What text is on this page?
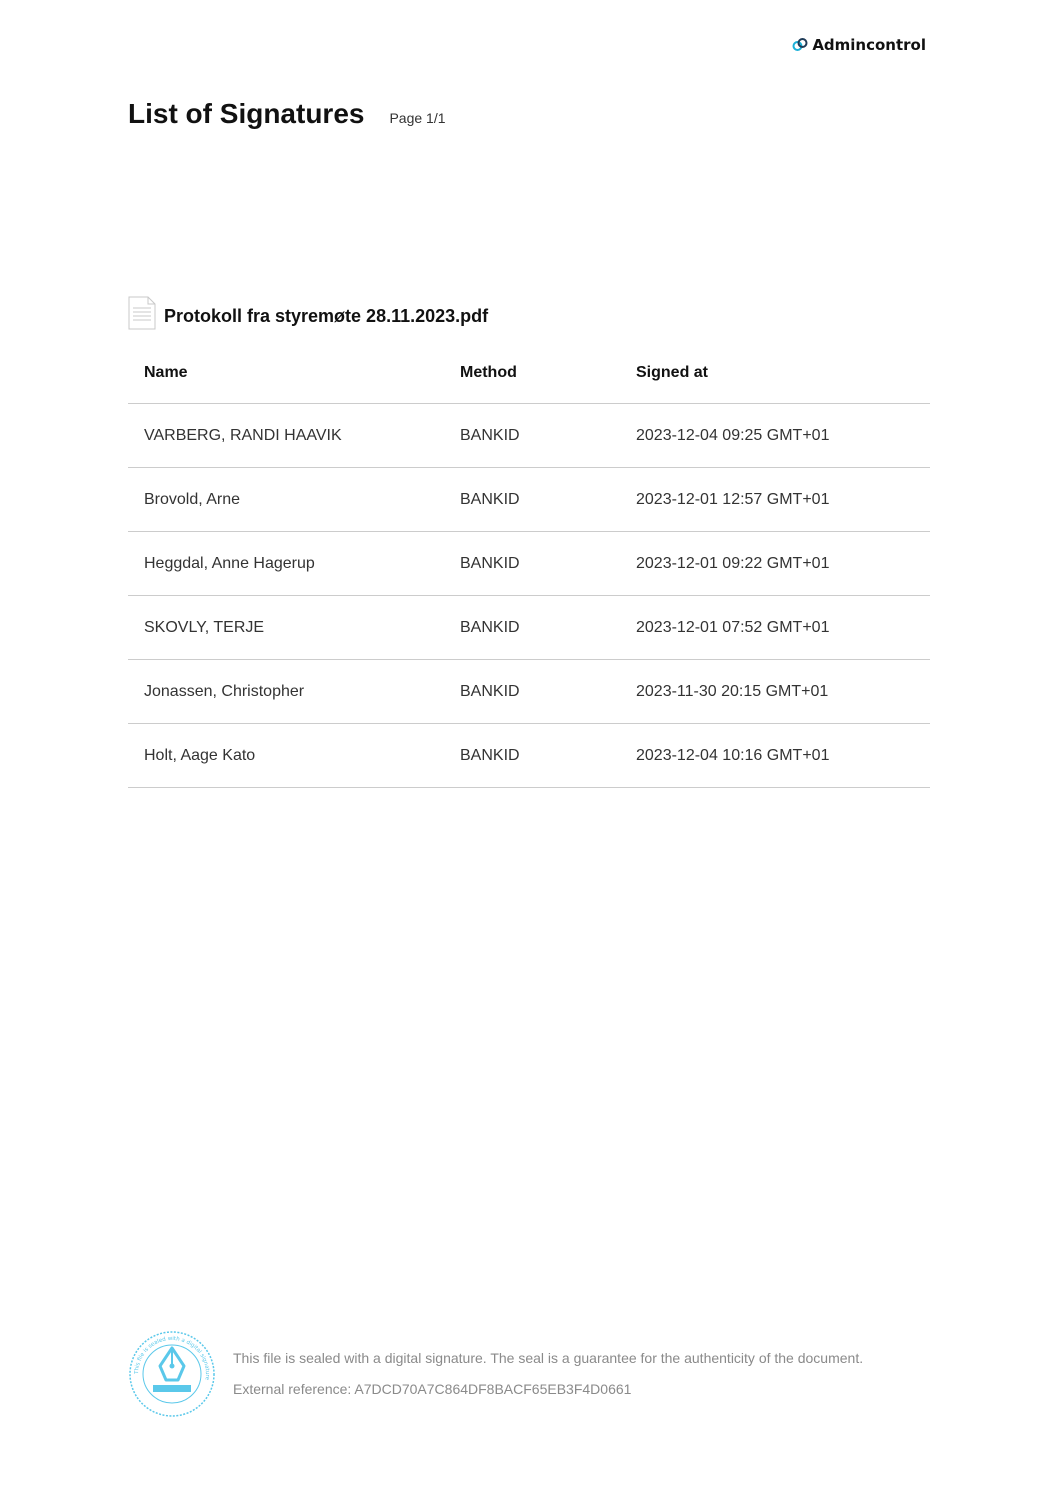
Admincontrol
List of Signatures Page 1/1
Protokoll fra styremøte 28.11.2023.pdf
Name	Method	Signed at
VARBERG, RANDI HAAVIK	BANKID	2023-12-04 09:25 GMT+01
Brovold, Arne	BANKID	2023-12-01 12:57 GMT+01
Heggdal, Anne Hagerup	BANKID	2023-12-01 09:22 GMT+01
SKOVLY, TERJE	BANKID	2023-12-01 07:52 GMT+01
Jonassen, Christopher	BANKID	2023-11-30 20:15 GMT+01
Holt, Aage Kato	BANKID	2023-12-04 10:16 GMT+01
This file is sealed with a digital signature
This file is sealed with a digital signature. The seal is a guarantee for the authenticity of the document.
External reference: A7DCD70A7C864DF8BACF65EB3F4D0661
